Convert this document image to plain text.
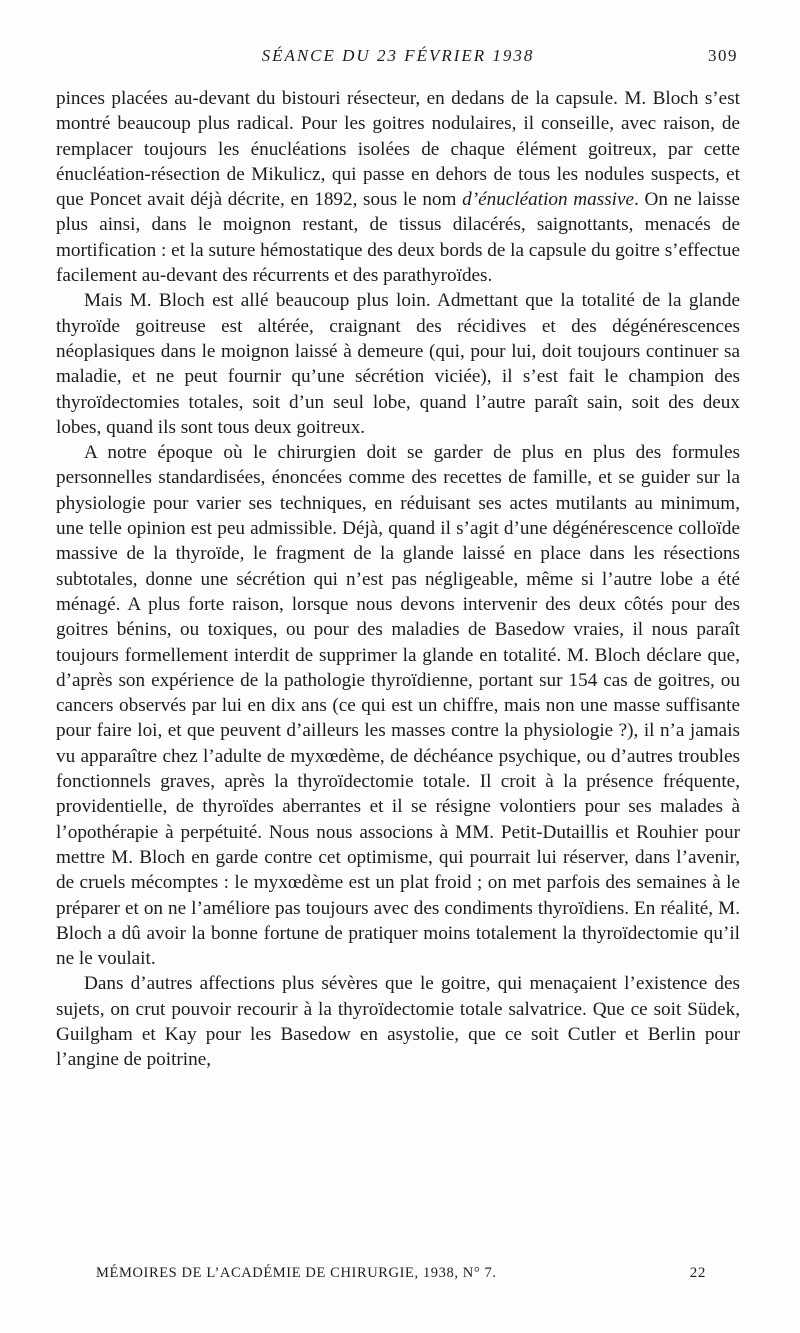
SÉANCE DU 23 FÉVRIER 1938	309

pinces placées au-devant du bistouri résecteur, en dedans de la capsule. M. Bloch s’est montré beaucoup plus radical. Pour les goitres nodulaires, il conseille, avec raison, de remplacer toujours les énucléations isolées de chaque élément goitreux, par cette énucléation-résection de Mikulicz, qui passe en dehors de tous les nodules suspects, et que Poncet avait déjà décrite, en 1892, sous le nom d’énucléation massive. On ne laisse plus ainsi, dans le moignon restant, de tissus dilacérés, saignottants, menacés de mortification : et la suture hémostatique des deux bords de la capsule du goitre s’effectue facilement au-devant des récurrents et des parathyroïdes.

Mais M. Bloch est allé beaucoup plus loin. Admettant que la totalité de la glande thyroïde goitreuse est altérée, craignant des récidives et des dégénérescences néoplasiques dans le moignon laissé à demeure (qui, pour lui, doit toujours continuer sa maladie, et ne peut fournir qu’une sécrétion viciée), il s’est fait le champion des thyroïdectomies totales, soit d’un seul lobe, quand l’autre paraît sain, soit des deux lobes, quand ils sont tous deux goitreux.

A notre époque où le chirurgien doit se garder de plus en plus des formules personnelles standardisées, énoncées comme des recettes de famille, et se guider sur la physiologie pour varier ses techniques, en réduisant ses actes mutilants au minimum, une telle opinion est peu admissible. Déjà, quand il s’agit d’une dégénérescence colloïde massive de la thyroïde, le fragment de la glande laissé en place dans les résections subtotales, donne une sécrétion qui n’est pas négligeable, même si l’autre lobe a été ménagé. A plus forte raison, lorsque nous devons intervenir des deux côtés pour des goitres bénins, ou toxiques, ou pour des maladies de Basedow vraies, il nous paraît toujours formellement interdit de supprimer la glande en totalité. M. Bloch déclare que, d’après son expérience de la pathologie thyroïdienne, portant sur 154 cas de goitres, ou cancers observés par lui en dix ans (ce qui est un chiffre, mais non une masse suffisante pour faire loi, et que peuvent d’ailleurs les masses contre la physiologie ?), il n’a jamais vu apparaître chez l’adulte de myxœdème, de déchéance psychique, ou d’autres troubles fonctionnels graves, après la thyroïdectomie totale. Il croit à la présence fréquente, providentielle, de thyroïdes aberrantes et il se résigne volontiers pour ses malades à l’opothérapie à perpétuité. Nous nous associons à MM. Petit-Dutaillis et Rouhier pour mettre M. Bloch en garde contre cet optimisme, qui pourrait lui réserver, dans l’avenir, de cruels mécomptes : le myxœdème est un plat froid ; on met parfois des semaines à le préparer et on ne l’améliore pas toujours avec des condiments thyroïdiens. En réalité, M. Bloch a dû avoir la bonne fortune de pratiquer moins totalement la thyroïdectomie qu’il ne le voulait.

Dans d’autres affections plus sévères que le goitre, qui menaçaient l’existence des sujets, on crut pouvoir recourir à la thyroïdectomie totale salvatrice. Que ce soit Südek, Guilgham et Kay pour les Basedow en asystolie, que ce soit Cutler et Berlin pour l’angine de poitrine,

MÉMOIRES DE L’ACADÉMIE DE CHIRURGIE, 1938, N° 7.	22
